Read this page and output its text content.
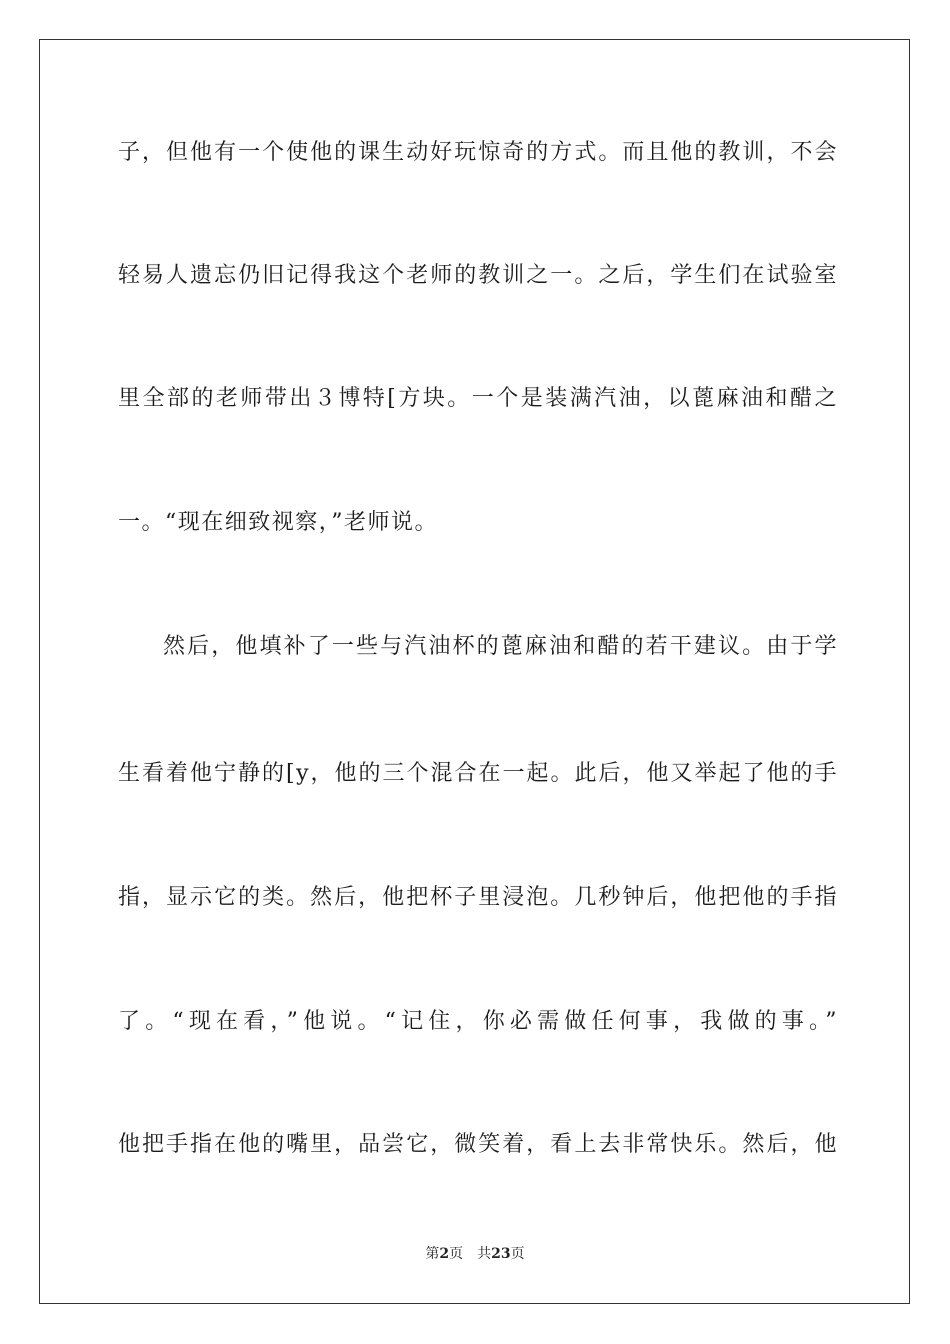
子，但他有一个使他的课生动好玩惊奇的方式。而且他的教训，不会
轻易人遗忘仍旧记得我这个老师的教训之一。之后，学生们在试验室
里全部的老师带出３博特[方块。一个是装满汽油，以蓖麻油和醋之
一。“现在细致视察，”老师说。
然后，他填补了一些与汽油杯的蓖麻油和醋的若干建议。由于学
生看着他宁静的[y，他的三个混合在一起。此后，他又举起了他的手
指，显示它的类。然后，他把杯子里浸泡。几秒钟后，他把他的手指
了。“现在看，”他说。“记住，你必需做任何事，我做的事。”
他把手指在他的嘴里，品尝它，微笑着，看上去非常快乐。然后，他
第2页 共23页
